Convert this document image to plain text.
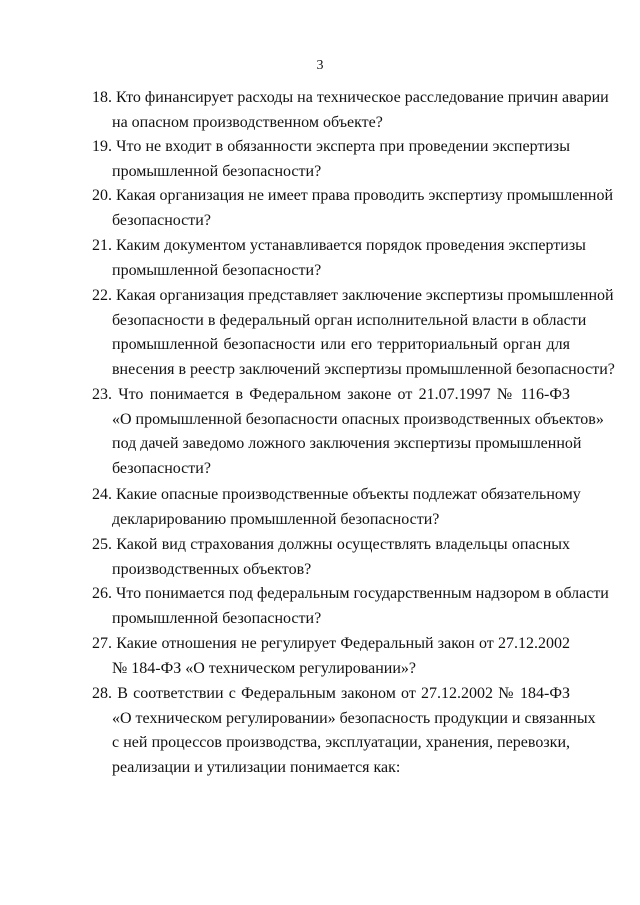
3
18. Кто финансирует расходы на техническое расследование причин аварии
на опасном производственном объекте?
19. Что не входит в обязанности эксперта при проведении экспертизы
промышленной безопасности?
20. Какая организация не имеет права проводить экспертизу промышленной
безопасности?
21. Каким документом устанавливается порядок проведения экспертизы
промышленной безопасности?
22. Какая организация представляет заключение экспертизы промышленной
безопасности в федеральный орган исполнительной власти в области
промышленной безопасности или его территориальный орган для
внесения в реестр заключений экспертизы промышленной безопасности?
23. Что понимается в Федеральном законе от 21.07.1997 № 116-ФЗ
«О промышленной безопасности опасных производственных объектов»
под дачей заведомо ложного заключения экспертизы промышленной
безопасности?
24. Какие опасные производственные объекты подлежат обязательному
декларированию промышленной безопасности?
25. Какой вид страхования должны осуществлять владельцы опасных
производственных объектов?
26. Что понимается под федеральным государственным надзором в области
промышленной безопасности?
27. Какие отношения не регулирует Федеральный закон от 27.12.2002
№ 184-ФЗ «О техническом регулировании»?
28. В соответствии с Федеральным законом от 27.12.2002 № 184-ФЗ
«О техническом регулировании» безопасность продукции и связанных
с ней процессов производства, эксплуатации, хранения, перевозки,
реализации и утилизации понимается как:
